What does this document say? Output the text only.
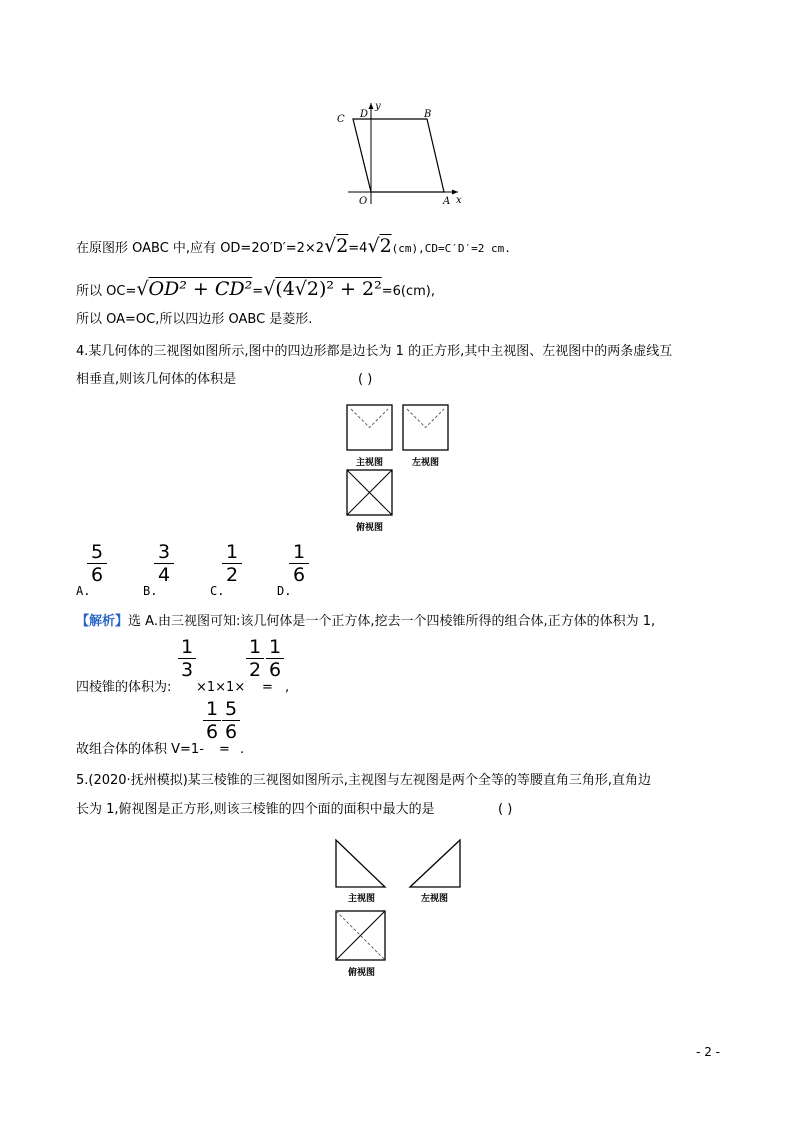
C D
y
B
O	A x
在原图形 OABC 中,应有 OD=2O′D′=2×2√2=4√2(cm),CD=C′D′=2 cm.
所以 OC=√OD² + CD²=√(4√2)² + 2²=6(cm),
所以 OA=OC,所以四边形 OABC 是菱形.
4.某几何体的三视图如图所示,图中的四边形都是边长为 1 的正方形,其中主视图、左视图中的两条虚线互
相垂直,则该几何体的体积是	( )
主视图	左视图
俯视图
$\frac{5}{6}$
A.
$\frac{3}{4}$
B.
$\frac{1}{2}$
C.
$\frac{1}{6}$
D.
【解析】选 A.由三视图可知:该几何体是一个正方体,挖去一个四棱锥所得的组合体,正方体的体积为 1,
四棱锥的体积为:
$\frac{1}{3}$
×1×1×
$\frac{1}{2}$
=
$\frac{1}{6}$
,
故组合体的体积 V=1-
$\frac{1}{6}$
=
$\frac{5}{6}$
.
5.(2020·抚州模拟)某三棱锥的三视图如图所示,主视图与左视图是两个全等的等腰直角三角形,直角边
长为 1,俯视图是正方形,则该三棱锥的四个面的面积中最大的是	( )
主视图	左视图
俯视图
- 2 -
